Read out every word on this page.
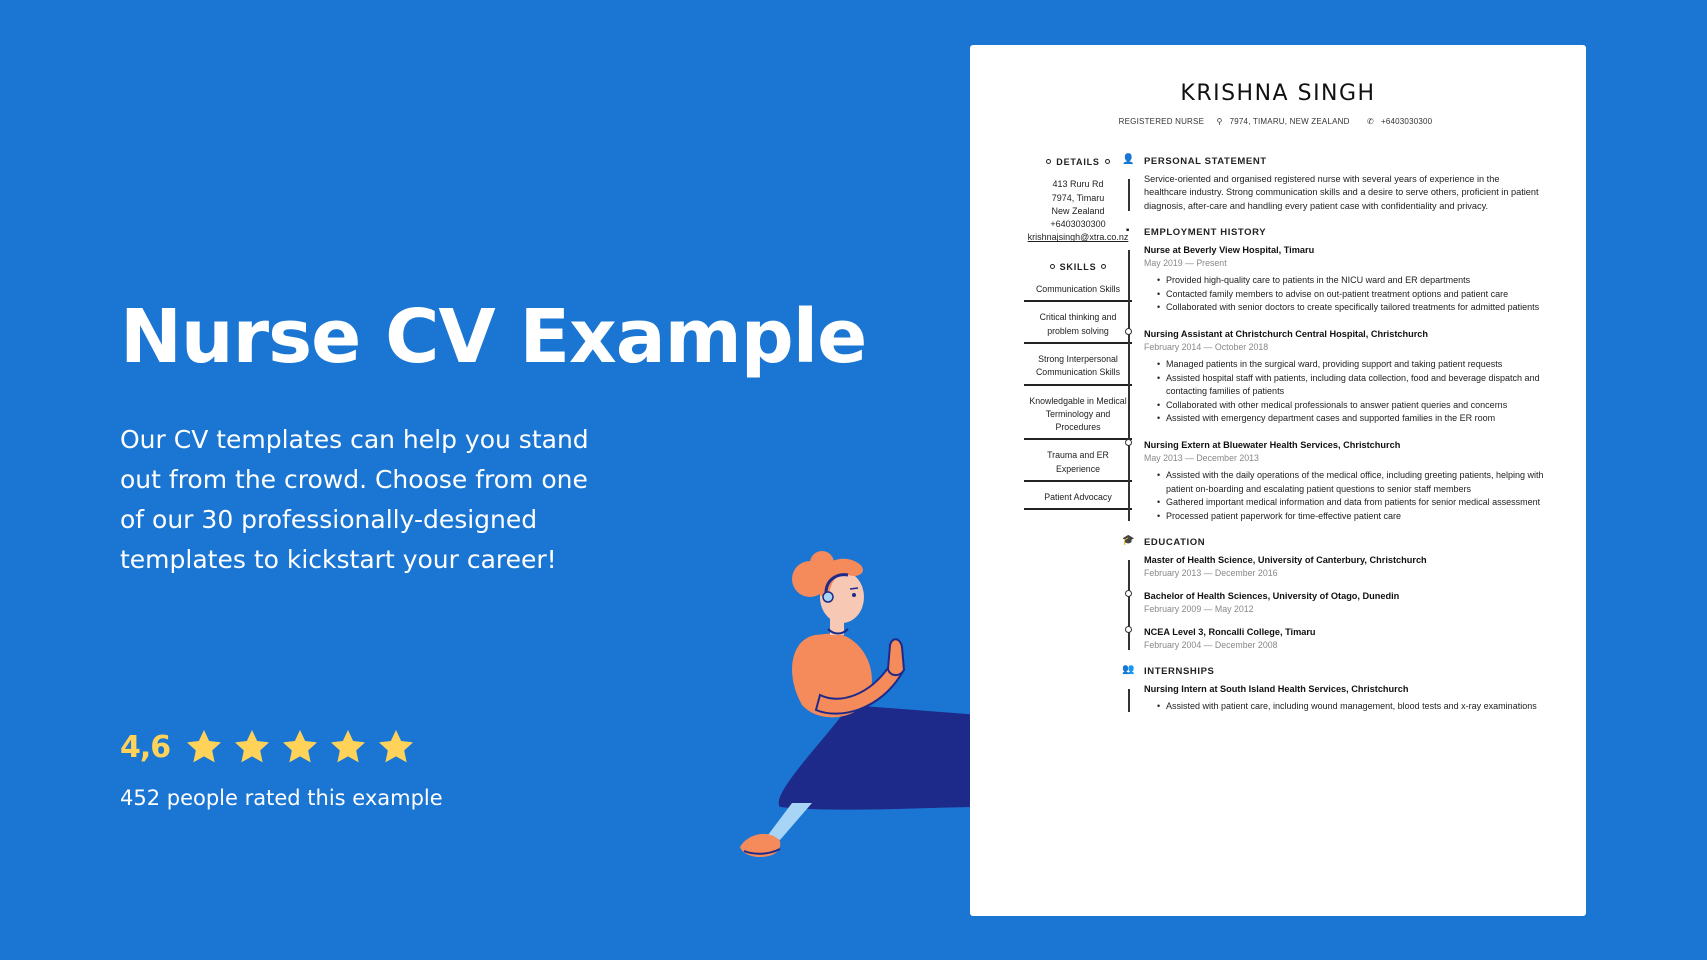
Nurse CV Example

Our CV templates can help you stand out from the crowd. Choose from one of our 30 professionally-designed templates to kickstart your career!

4,6

452 people rated this example

KRISHNA SINGH
REGISTERED NURSE ⚲ 7974, TIMARU, NEW ZEALAND ✆ +6403030300
DETAILS
413 Ruru Rd
7974, Timaru
New Zealand
+6403030300
krishnajsingh@xtra.co.nz
SKILLS
Communication Skills
Critical thinking and problem solving
Strong Interpersonal Communication Skills
Knowledgable in Medical Terminology and Procedures
Trauma and ER Experience
Patient Advocacy
👤 PERSONAL STATEMENT

Service-oriented and organised registered nurse with several years of experience in the healthcare industry. Strong communication skills and a desire to serve others, proficient in patient diagnosis, after-care and handling every patient case with confidentiality and privacy.

▪	EMPLOYMENT HISTORY
Nurse at Beverly View Hospital, Timaru
May 2019 — Present
• Provided high-quality care to patients in the NICU ward and ER departments
• Contacted family members to advise on out-patient treatment options and patient care
• Collaborated with senior doctors to create specifically tailored treatments for admitted patients
Nursing Assistant at Christchurch Central Hospital, Christchurch
February 2014 — October 2018
• Managed patients in the surgical ward, providing support and taking patient requests
• Assisted hospital staff with patients, including data collection, food and beverage dispatch and contacting families of patients
• Collaborated with other medical professionals to answer patient queries and concerns
• Assisted with emergency department cases and supported families in the ER room
Nursing Extern at Bluewater Health Services, Christchurch
May 2013 — December 2013
• Assisted with the daily operations of the medical office, including greeting patients, helping with patient on-boarding and escalating patient questions to senior staff members
• Gathered important medical information and data from patients for senior medical assessment
• Processed patient paperwork for time-effective patient care
🎓 EDUCATION
Master of Health Science, University of Canterbury, Christchurch
February 2013 — December 2016
Bachelor of Health Sciences, University of Otago, Dunedin
February 2009 — May 2012
NCEA Level 3, Roncalli College, Timaru
February 2004 — December 2008
👥 INTERNSHIPS
Nursing Intern at South Island Health Services, Christchurch
• Assisted with patient care, including wound management, blood tests and x-ray examinations
